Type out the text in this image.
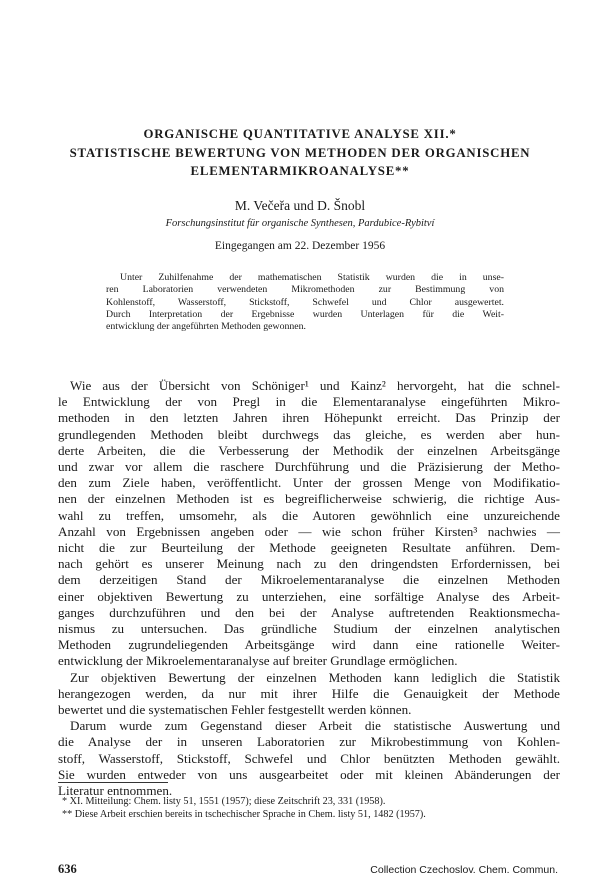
ORGANISCHE QUANTITATIVE ANALYSE XII.*
STATISTISCHE BEWERTUNG VON METHODEN DER ORGANISCHEN
ELEMENTARMIKROANALYSE**
M. Večeřa und D. Šnobl
Forschungsinstitut für organische Synthesen, Pardubice-Rybitví
Eingegangen am 22. Dezember 1956
Unter Zuhilfenahme der mathematischen Statistik wurden die in unse-
ren Laboratorien verwendeten Mikromethoden zur Bestimmung von
Kohlenstoff, Wasserstoff, Stickstoff, Schwefel und Chlor ausgewertet.
Durch Interpretation der Ergebnisse wurden Unterlagen für die Weit-
entwicklung der angeführten Methoden gewonnen.
Wie aus der Übersicht von Schöniger¹ und Kainz² hervorgeht, hat die schnel-
le Entwicklung der von Pregl in die Elementaranalyse eingeführten Mikro-
methoden in den letzten Jahren ihren Höhepunkt erreicht. Das Prinzip der
grundlegenden Methoden bleibt durchwegs das gleiche, es werden aber hun-
derte Arbeiten, die die Verbesserung der Methodik der einzelnen Arbeitsgänge
und zwar vor allem die raschere Durchführung und die Präzisierung der Metho-
den zum Ziele haben, veröffentlicht. Unter der grossen Menge von Modifikatio-
nen der einzelnen Methoden ist es begreiflicherweise schwierig, die richtige Aus-
wahl zu treffen, umsomehr, als die Autoren gewöhnlich eine unzureichende
Anzahl von Ergebnissen angeben oder — wie schon früher Kirsten³ nachwies —
nicht die zur Beurteilung der Methode geeigneten Resultate anführen. Dem-
nach gehört es unserer Meinung nach zu den dringendsten Erfordernissen, bei
dem derzeitigen Stand der Mikroelementaranalyse die einzelnen Methoden
einer objektiven Bewertung zu unterziehen, eine sorfältige Analyse des Arbeit-
ganges durchzuführen und den bei der Analyse auftretenden Reaktionsmecha-
nismus zu untersuchen. Das gründliche Studium der einzelnen analytischen
Methoden zugrundeliegenden Arbeitsgänge wird dann eine rationelle Weiter-
entwicklung der Mikroelementaranalyse auf breiter Grundlage ermöglichen.
Zur objektiven Bewertung der einzelnen Methoden kann lediglich die Statistik
herangezogen werden, da nur mit ihrer Hilfe die Genauigkeit der Methode
bewertet und die systematischen Fehler festgestellt werden können.
Darum wurde zum Gegenstand dieser Arbeit die statistische Auswertung und
die Analyse der in unseren Laboratorien zur Mikrobestimmung von Kohlen-
stoff, Wasserstoff, Stickstoff, Schwefel und Chlor benützten Methoden gewählt.
Sie wurden entweder von uns ausgearbeitet oder mit kleinen Abänderungen der
Literatur entnommen.
* XI. Mitteilung: Chem. listy 51, 1551 (1957); diese Zeitschrift 23, 331 (1958).
** Diese Arbeit erschien bereits in tschechischer Sprache in Chem. listy 51, 1482 (1957).
636	Collection Czechoslov. Chem. Commun.
